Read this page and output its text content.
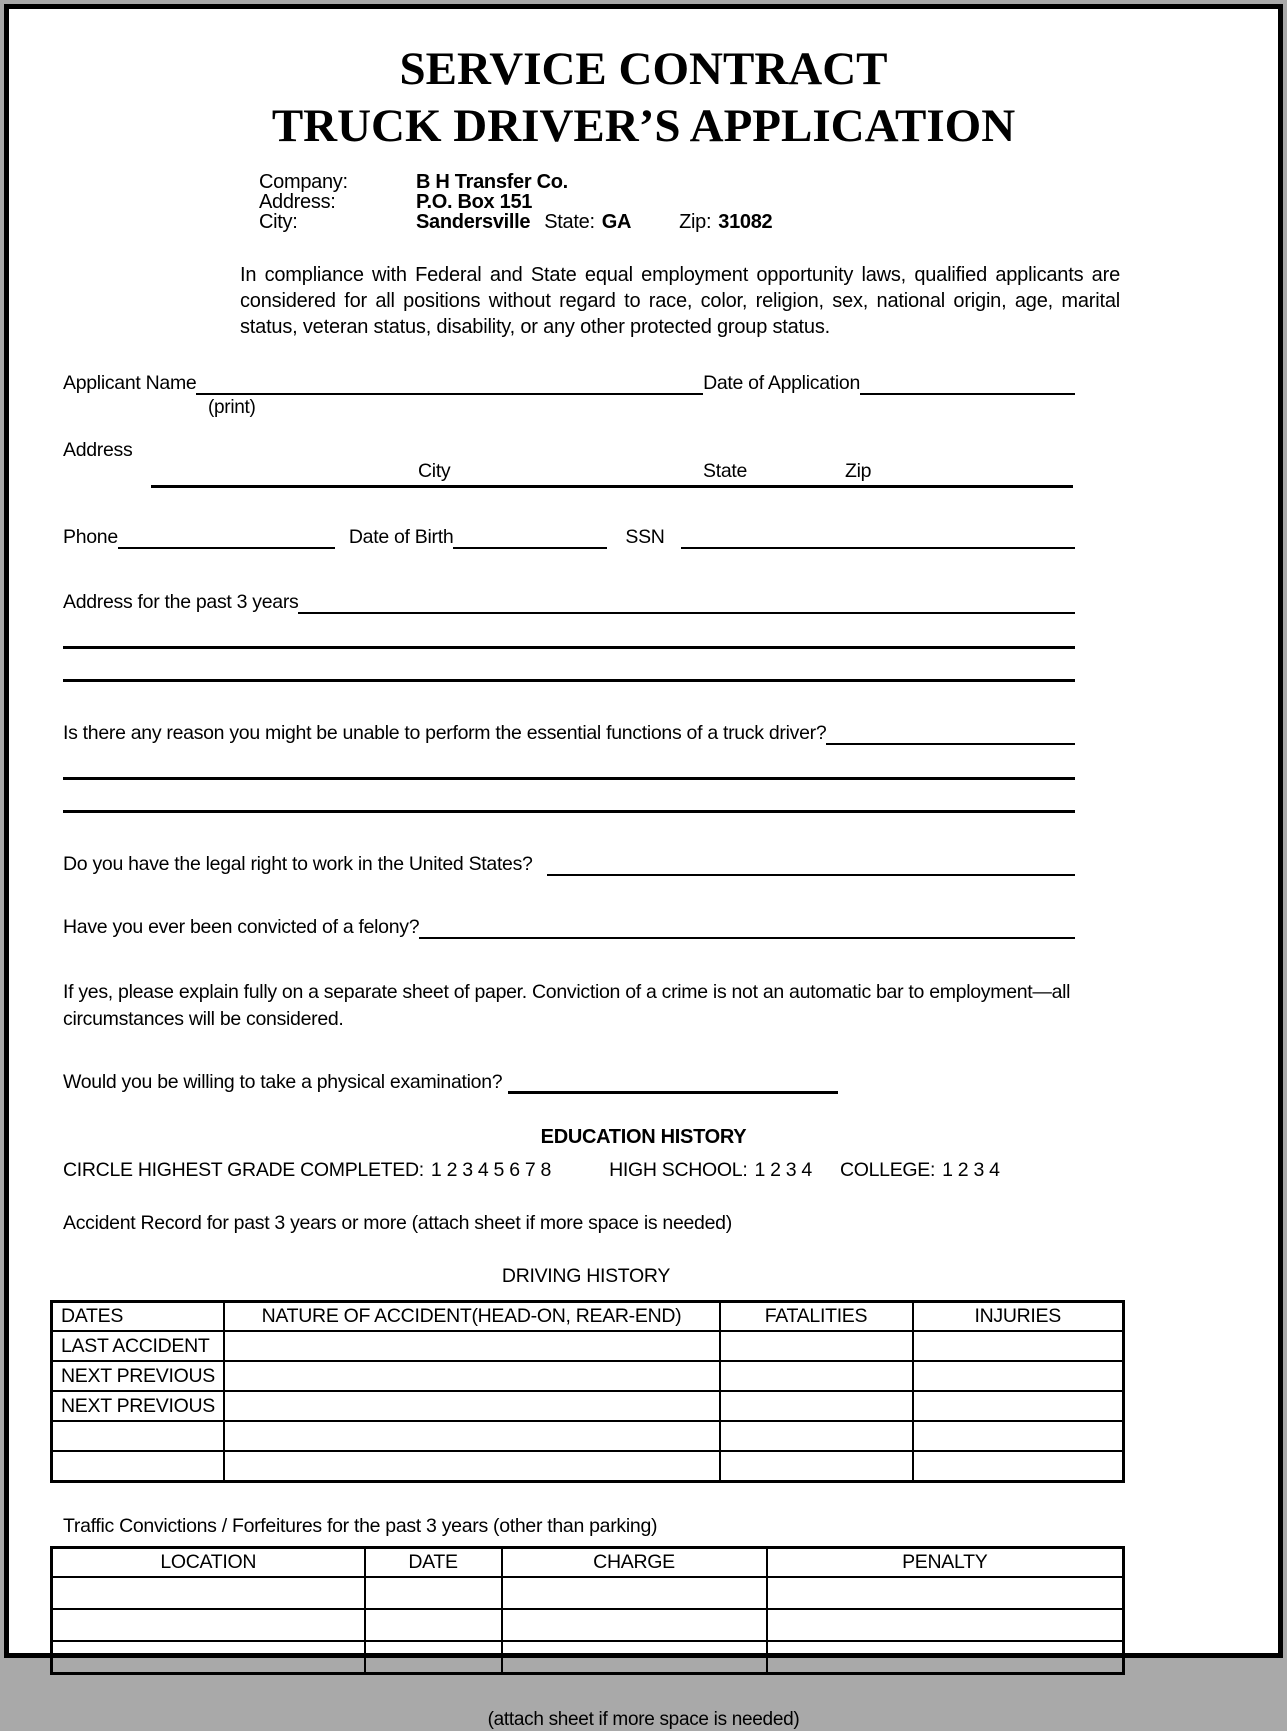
SERVICE CONTRACT
TRUCK DRIVER’S APPLICATION
Company:	B H Transfer Co.
Address:	P.O. Box 151
City:	Sandersville State: GA Zip: 31082

In compliance with Federal and State equal employment opportunity laws, qualified applicants are considered for all positions without regard to race, color, religion, sex, national origin, age, marital status, veteran status, disability, or any other protected group status.

Applicant Name	Date of Application
(print)
Address
City	State	Zip
Phone	Date of Birth	SSN
Address for the past 3 years
Is there any reason you might be unable to perform the essential functions of a truck driver?
Do you have the legal right to work in the United States?
Have you ever been convicted of a felony?

If yes, please explain fully on a separate sheet of paper. Conviction of a crime is not an automatic bar to employment—all circumstances will be considered.

Would you be willing to take a physical examination?
EDUCATION HISTORY
CIRCLE HIGHEST GRADE COMPLETED: 1 2 3 4 5 6 7 8	HIGH SCHOOL: 1 2 3 4 COLLEGE: 1 2 3 4
Accident Record for past 3 years or more (attach sheet if more space is needed)
DRIVING HISTORY
DATES	NATURE OF ACCIDENT(HEAD-ON, REAR-END)	FATALITIES	INJURIES
LAST ACCIDENT			
NEXT PREVIOUS			
NEXT PREVIOUS			

Traffic Convictions / Forfeitures for the past 3 years (other than parking)
LOCATION	DATE	CHARGE	PENALTY

(attach sheet if more space is needed)
